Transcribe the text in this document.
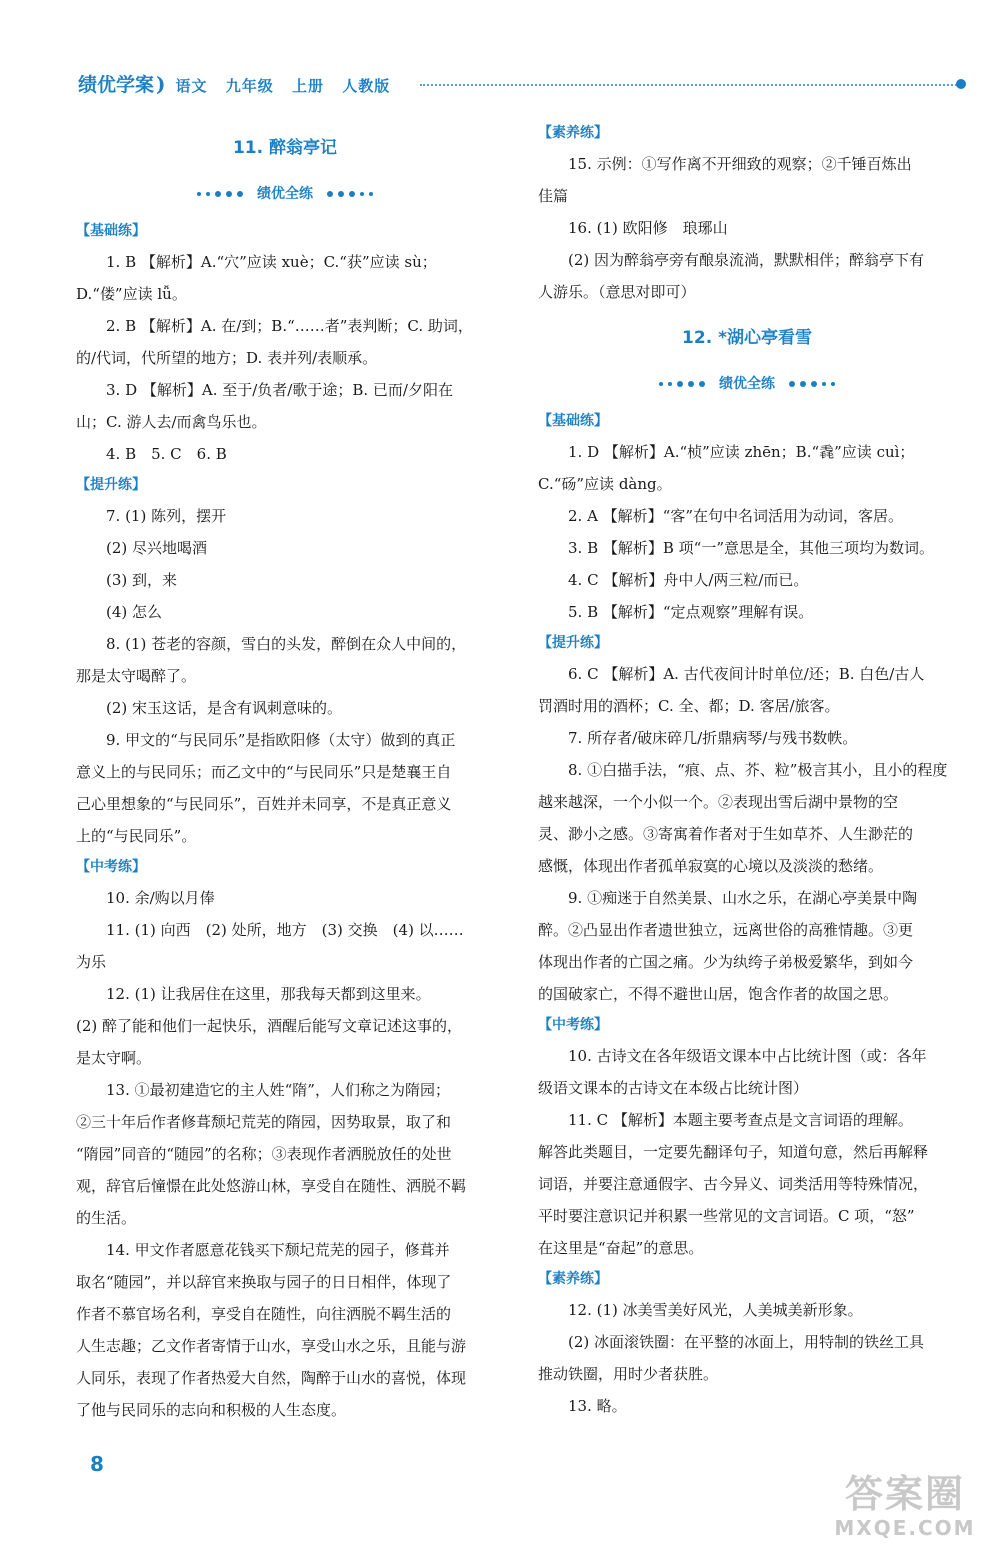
绩优学案 ) 语文 九年级 上册 人教版
11. 醉翁亭记
绩优全练
【基础练】

1. B 【解析】A.“穴”应读 xuè；C.“获”应读 sù；

D.“偻”应读 lǚ。

2. B 【解析】A. 在/到；B.“……者”表判断；C. 助词，

的/代词，代所望的地方；D. 表并列/表顺承。

3. D 【解析】A. 至于/负者/歌于途；B. 已而/夕阳在

山；C. 游人去/而禽鸟乐也。

4. B　5. C　6. B

【提升练】

7. (1) 陈列，摆开

(2) 尽兴地喝酒

(3) 到，来

(4) 怎么

8. (1) 苍老的容颜，雪白的头发，醉倒在众人中间的，

那是太守喝醉了。

(2) 宋玉这话，是含有讽刺意味的。

9. 甲文的“与民同乐”是指欧阳修（太守）做到的真正

意义上的与民同乐；而乙文中的“与民同乐”只是楚襄王自

己心里想象的“与民同乐”，百姓并未同享，不是真正意义

上的“与民同乐”。

【中考练】

10. 余/购以月俸

11. (1) 向西　(2) 处所，地方　(3) 交换　(4) 以……

为乐

12. (1) 让我居住在这里，那我每天都到这里来。

(2) 醉了能和他们一起快乐，酒醒后能写文章记述这事的，

是太守啊。

13. ①最初建造它的主人姓“隋”，人们称之为隋园；

②三十年后作者修葺颓圮荒芜的隋园，因势取景，取了和

“隋园”同音的“随园”的名称；③表现作者洒脱放任的处世

观，辞官后憧憬在此处悠游山林，享受自在随性、洒脱不羁

的生活。

14. 甲文作者愿意花钱买下颓圮荒芜的园子，修葺并

取名“随园”，并以辞官来换取与园子的日日相伴，体现了

作者不慕官场名利，享受自在随性，向往洒脱不羁生活的

人生志趣；乙文作者寄情于山水，享受山水之乐，且能与游

人同乐，表现了作者热爱大自然，陶醉于山水的喜悦，体现

了他与民同乐的志向和积极的人生态度。

【素养练】

15. 示例：①写作离不开细致的观察；②千锤百炼出

佳篇

16. (1) 欧阳修　琅琊山

(2) 因为醉翁亭旁有酿泉流淌，默默相伴；醉翁亭下有

人游乐。（意思对即可）

12. *湖心亭看雪
绩优全练
【基础练】

1. D 【解析】A.“桢”应读 zhēn；B.“毳”应读 cuì；

C.“砀”应读 dàng。

2. A 【解析】“客”在句中名词活用为动词，客居。

3. B 【解析】B 项“一”意思是全，其他三项均为数词。

4. C 【解析】舟中人/两三粒/而已。

5. B 【解析】“定点观察”理解有误。

【提升练】

6. C 【解析】A. 古代夜间计时单位/还；B. 白色/古人

罚酒时用的酒杯；C. 全、都；D. 客居/旅客。

7. 所存者/破床碎几/折鼎病琴/与残书数帙。

8. ①白描手法，“痕、点、芥、粒”极言其小，且小的程度

越来越深，一个小似一个。②表现出雪后湖中景物的空

灵、渺小之感。③寄寓着作者对于生如草芥、人生渺茫的

感慨，体现出作者孤单寂寞的心境以及淡淡的愁绪。

9. ①痴迷于自然美景、山水之乐，在湖心亭美景中陶

醉。②凸显出作者遗世独立，远离世俗的高雅情趣。③更

体现出作者的亡国之痛。少为纨绔子弟极爱繁华，到如今

的国破家亡，不得不避世山居，饱含作者的故国之思。

【中考练】

10. 古诗文在各年级语文课本中占比统计图（或：各年

级语文课本的古诗文在本级占比统计图）

11. C 【解析】本题主要考查点是文言词语的理解。

解答此类题目，一定要先翻译句子，知道句意，然后再解释

词语，并要注意通假字、古今异义、词类活用等特殊情况，

平时要注意识记并积累一些常见的文言词语。C 项，“怒”

在这里是“奋起”的意思。

【素养练】

12. (1) 冰美雪美好风光，人美城美新形象。

(2) 冰面滚铁圈：在平整的冰面上，用特制的铁丝工具

推动铁圈，用时少者获胜。

13. 略。

8
答案圈
MXQE.COM
